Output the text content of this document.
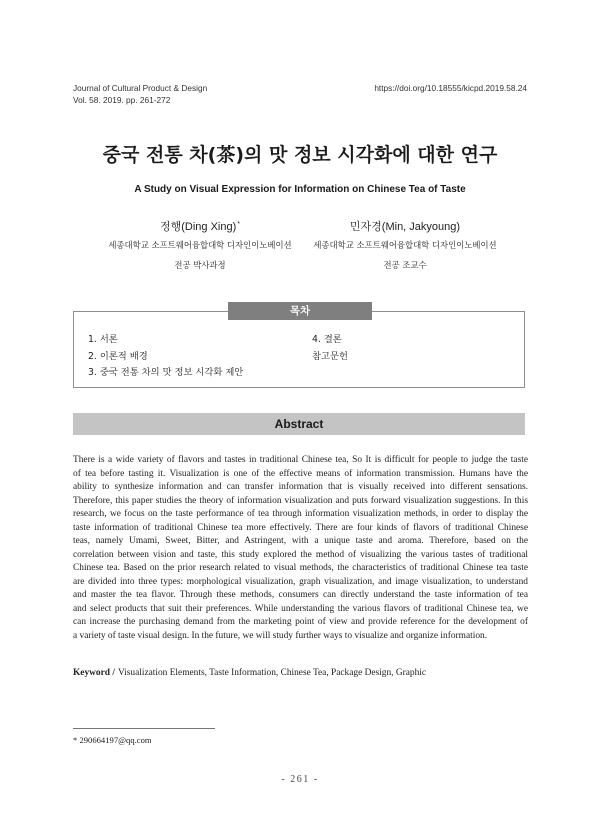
Journal of Cultural Product & Design
Vol. 58. 2019. pp. 261-272
https://doi.org/10.18555/kicpd.2019.58.24
중국 전통 차(茶)의 맛 정보 시각화에 대한 연구
A Study on Visual Expression for Information on Chinese Tea of Taste
정행(Ding Xing)*
세종대학교 소프트웨어융합대학 디자인이노베이션
전공 박사과정
민자경(Min, Jakyoung)
세종대학교 소프트웨어융합대학 디자인이노베이션
전공 조교수
목차
1. 서론
2. 이론적 배경
3. 중국 전통 차의 맛 정보 시각화 제안
4. 결론
참고문헌
Abstract
There is a wide variety of flavors and tastes in traditional Chinese tea, So It is difficult for people to judge the taste
of tea before tasting it. Visualization is one of the effective means of information transmission. Humans have the
ability to synthesize information and can transfer information that is visually received into different sensations.
Therefore, this paper studies the theory of information visualization and puts forward visualization suggestions. In this
research, we focus on the taste performance of tea through information visualization methods, in order to display the
taste information of traditional Chinese tea more effectively. There are four kinds of flavors of traditional Chinese
teas, namely Umami, Sweet, Bitter, and Astringent, with a unique taste and aroma. Therefore, based on the
correlation between vision and taste, this study explored the method of visualizing the various tastes of traditional
Chinese tea. Based on the prior research related to visual methods, the characteristics of traditional Chinese tea taste
are divided into three types: morphological visualization, graph visualization, and image visualization, to understand
and master the tea flavor. Through these methods, consumers can directly understand the taste information of tea
and select products that suit their preferences. While understanding the various flavors of traditional Chinese tea, we
can increase the purchasing demand from the marketing point of view and provide reference for the development of
a variety of taste visual design. In the future, we will study further ways to visualize and organize information.
Keyword / Visualization Elements, Taste Information, Chinese Tea, Package Design, Graphic
* 290664197@qq.com
- 261 -
